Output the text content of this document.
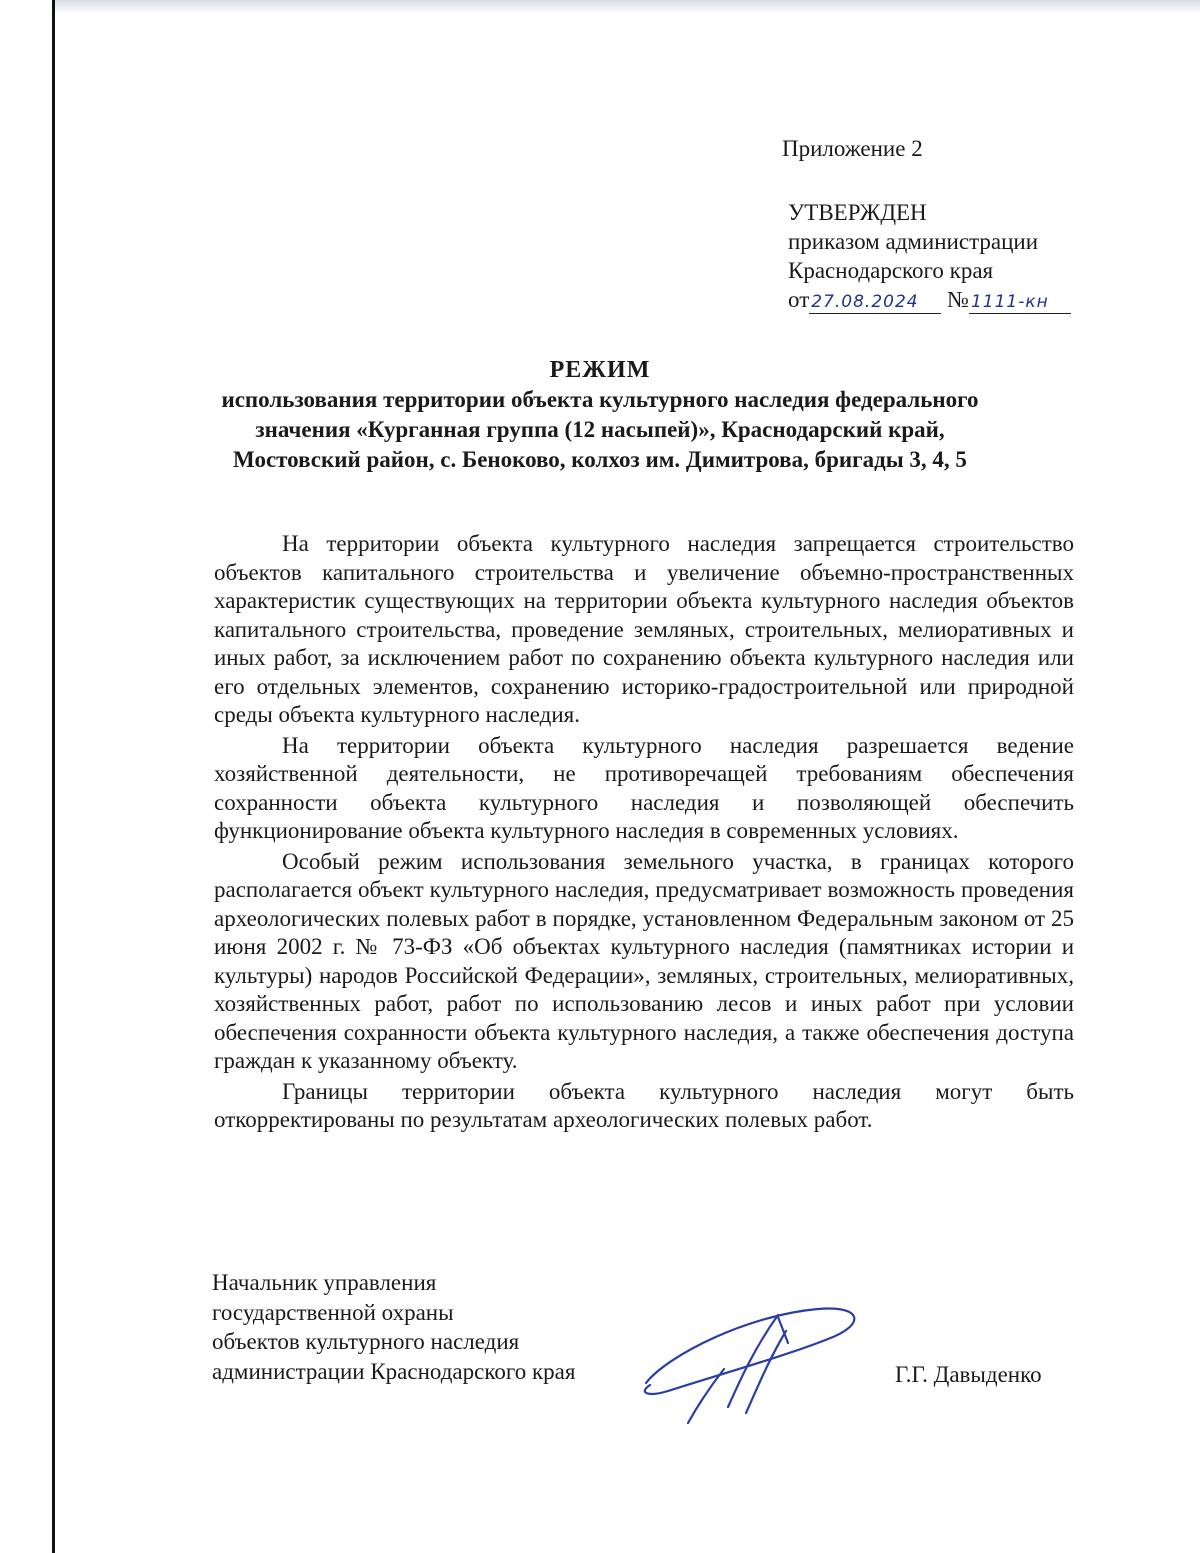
Приложение 2
УТВЕРЖДЕН
приказом администрации
Краснодарского края
от 27.08.2024 № 1111-кн
РЕЖИМ
использования территории объекта культурного наследия федерального
значения «Курганная группа (12 насыпей)», Краснодарский край,
Мостовский район, с. Беноково, колхоз им. Димитрова, бригады 3, 4, 5

На территории объекта культурного наследия запрещается строительство объектов капитального строительства и увеличение объемно-пространственных характеристик существующих на территории объекта культурного наследия объектов капитального строительства, проведение земляных, строительных, мелиоративных и иных работ, за исключением работ по сохранению объекта культурного наследия или его отдельных элементов, сохранению историко-градостроительной или природной среды объекта культурного наследия.

На территории объекта культурного наследия разрешается ведение хозяйственной деятельности, не противоречащей требованиям обеспечения сохранности объекта культурного наследия и позволяющей обеспечить функционирование объекта культурного наследия в современных условиях.

Особый режим использования земельного участка, в границах которого располагается объект культурного наследия, предусматривает возможность проведения археологических полевых работ в порядке, установленном Федеральным законом от 25 июня 2002 г. № 73-ФЗ «Об объектах культурного наследия (памятниках истории и культуры) народов Российской Федерации», земляных, строительных, мелиоративных, хозяйственных работ, работ по использованию лесов и иных работ при условии обеспечения сохранности объекта культурного наследия, а также обеспечения доступа граждан к указанному объекту.

Границы территории объекта культурного наследия могут быть откорректированы по результатам археологических полевых работ.

Начальник управления
государственной охраны
объектов культурного наследия
администрации Краснодарского края	Г.Г. Давыденко
